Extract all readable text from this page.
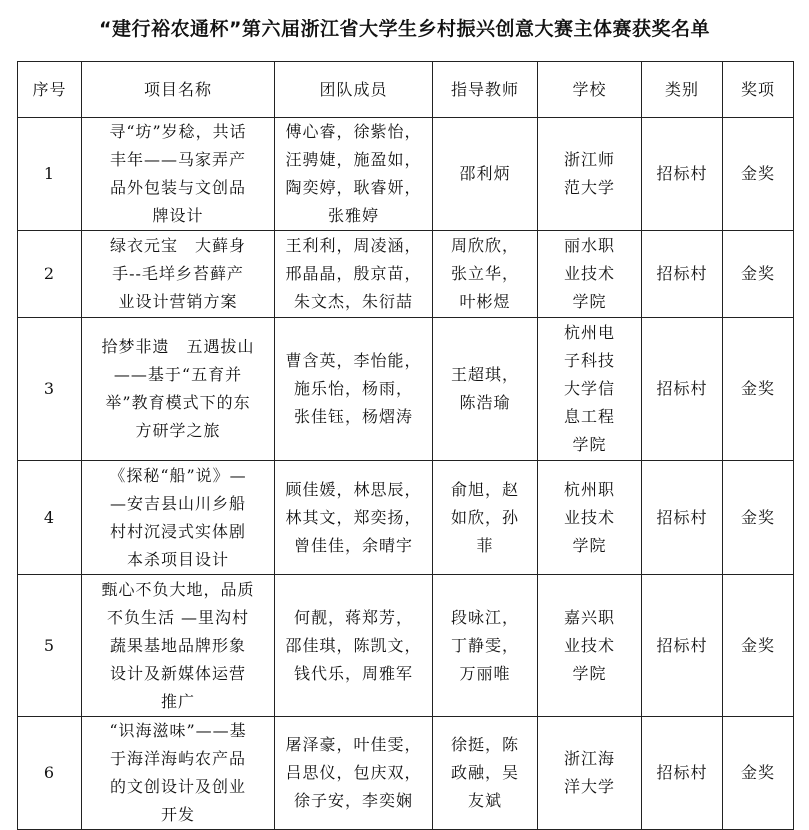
“建行裕农通杯”第六届浙江省大学生乡村振兴创意大赛主体赛获奖名单
序号	项目名称	团队成员	指导教师	学校	类别	奖项
1	寻“坊”岁稔，共话
丰年——马家弄产
品外包装与文创品
牌设计	傅心睿，徐紫怡，
汪骋婕，施盈如，
陶奕婷，耿睿妍，
张雅婷	邵利炳	浙江师
范大学	招标村	金奖
2	绿衣元宝　大藓身
手--毛垟乡苔藓产
业设计营销方案	王利利，周凌涵，
邢晶晶，殷京苗，
朱文杰，朱衍喆	周欣欣，
张立华，
叶彬煜	丽水职
业技术
学院	招标村	金奖
3	拾梦非遗　五遇拔山
——基于“五育并
举”教育模式下的东
方研学之旅	曹含英，李怡能，
施乐怡，杨雨，
张佳钰，杨熠涛	王超琪，
陈浩瑜	杭州电
子科技
大学信
息工程
学院	招标村	金奖
4	《探秘“船”说》—
—安吉县山川乡船
村村沉浸式实体剧
本杀项目设计	顾佳媛，林思辰，
林其文，郑奕扬，
曾佳佳，余晴宇	俞旭，赵
如欣，孙
菲	杭州职
业技术
学院	招标村	金奖
5	甄心不负大地，品质
不负生活 —里沟村
蔬果基地品牌形象
设计及新媒体运营
推广	何靓，蒋郑芳，
邵佳琪，陈凯文，
钱代乐，周雅军	段咏江，
丁静雯，
万丽唯	嘉兴职
业技术
学院	招标村	金奖
6	“识海滋味”——基
于海洋海屿农产品
的文创设计及创业
开发	屠泽豪，叶佳雯，
吕思仪，包庆双，
徐子安，李奕娴	徐挺，陈
政融，吴
友斌	浙江海
洋大学	招标村	金奖
